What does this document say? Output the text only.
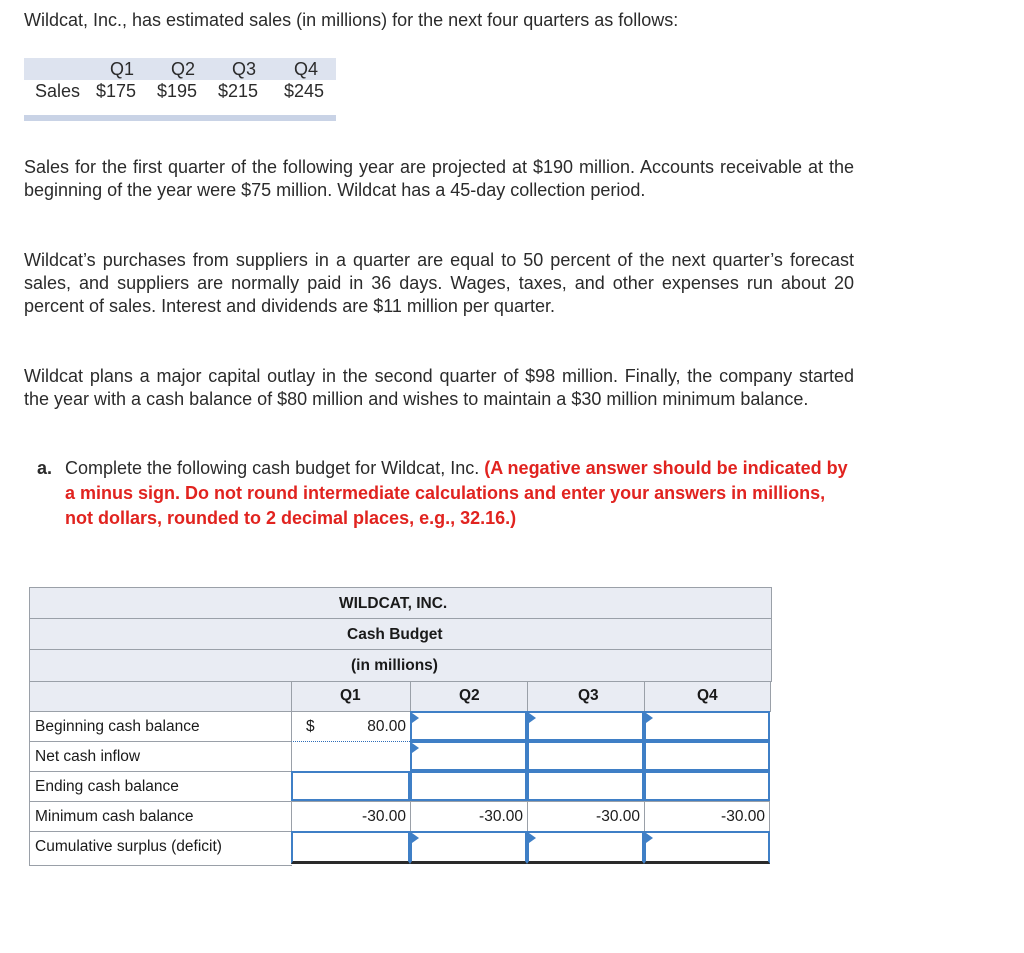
Wildcat, Inc., has estimated sales (in millions) for the next four quarters as follows:

Q1	Q2	Q3	Q4
Sales $175	$195	$215	$245

Sales for the first quarter of the following year are projected at $190 million. Accounts receivable at the beginning of the year were $75 million. Wildcat has a 45-day collection period.

Wildcat’s purchases from suppliers in a quarter are equal to 50 percent of the next quarter’s forecast sales, and suppliers are normally paid in 36 days. Wages, taxes, and other expenses run about 20 percent of sales. Interest and dividends are $11 million per quarter.

Wildcat plans a major capital outlay in the second quarter of $98 million. Finally, the company started the year with a cash balance of $80 million and wishes to maintain a $30 million minimum balance.

a. Complete the following cash budget for Wildcat, Inc. (A negative answer should be indicated by a minus sign. Do not round intermediate calculations and enter your answers in millions, not dollars, rounded to 2 decimal places, e.g., 32.16.)
WILDCAT, INC.
Cash Budget
(in millions)
Q1	Q2	Q3	Q4
Beginning cash balance	$	80.00
Net cash inflow
Ending cash balance
Minimum cash balance	-30.00	-30.00	-30.00	-30.00
Cumulative surplus (deficit)
